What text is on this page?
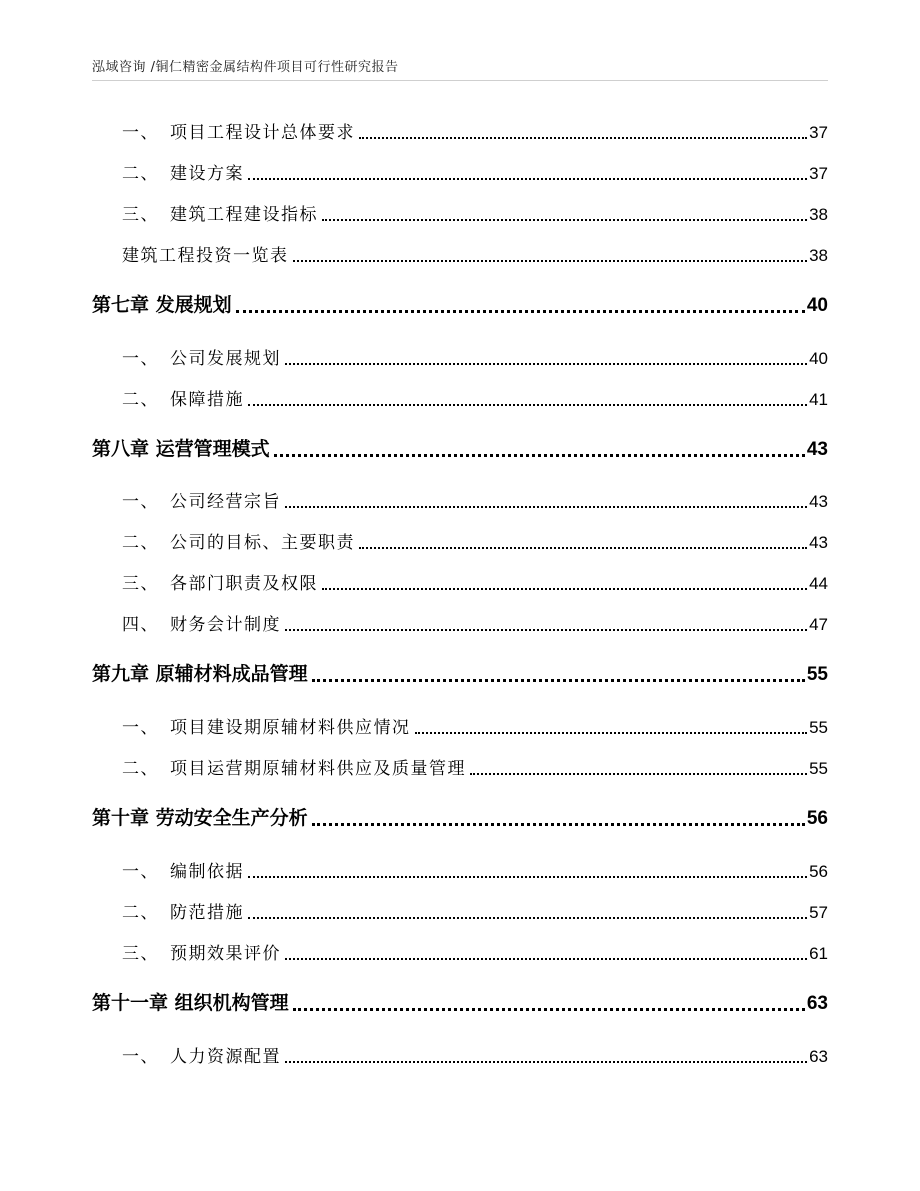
泓域咨询 /铜仁精密金属结构件项目可行性研究报告
一、 项目工程设计总体要求	37
二、 建设方案	37
三、 建筑工程建设指标	38
建筑工程投资一览表	38
第七章 发展规划	40
一、 公司发展规划	40
二、 保障措施	41
第八章 运营管理模式	43
一、 公司经营宗旨	43
二、 公司的目标、主要职责	43
三、 各部门职责及权限	44
四、 财务会计制度	47
第九章 原辅材料成品管理	55
一、 项目建设期原辅材料供应情况	55
二、 项目运营期原辅材料供应及质量管理	55
第十章 劳动安全生产分析	56
一、 编制依据	56
二、 防范措施	57
三、 预期效果评价	61
第十一章 组织机构管理	63
一、 人力资源配置	63
